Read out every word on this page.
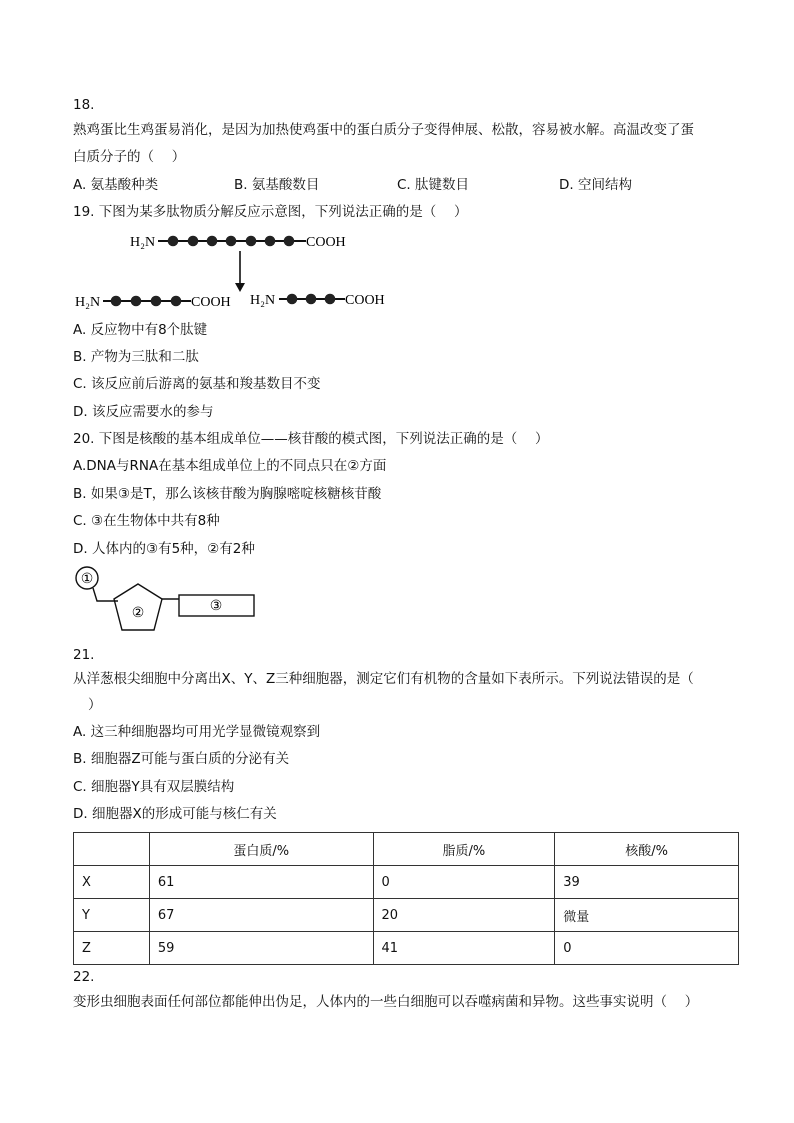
18.
熟鸡蛋比生鸡蛋易消化，是因为加热使鸡蛋中的蛋白质分子变得伸展、松散，容易被水解。高温改变了蛋
白质分子的（　 ）
A. 氨基酸种类	B. 氨基酸数目	C. 肽键数目	D. 空间结构
19. 下图为某多肽物质分解反应示意图，下列说法正确的是（　 ）
H₂N	COOH
H₂N	COOH H₂N	COOH
A. 反应物中有8个肽键
B. 产物为三肽和二肽
C. 该反应前后游离的氨基和羧基数目不变
D. 该反应需要水的参与
20. 下图是核酸的基本组成单位——核苷酸的模式图，下列说法正确的是（　 ）
A.DNA与RNA在基本组成单位上的不同点只在②方面
B. 如果③是T，那么该核苷酸为胸腺嘧啶核糖核苷酸
C. ③在生物体中共有8种
D. 人体内的③有5种，②有2种
①
②	③
21.
从洋葱根尖细胞中分离出X、Y、Z三种细胞器，测定它们有机物的含量如下表所示。下列说法错误的是（
）
A. 这三种细胞器均可用光学显微镜观察到
B. 细胞器Z可能与蛋白质的分泌有关
C. 细胞器Y具有双层膜结构
D. 细胞器X的形成可能与核仁有关
	蛋白质/%	脂质/%	核酸/%
X	61	0	39
Y	67	20	微量
Z	59	41	0
22.
变形虫细胞表面任何部位都能伸出伪足，人体内的一些白细胞可以吞噬病菌和异物。这些事实说明（　 ）
